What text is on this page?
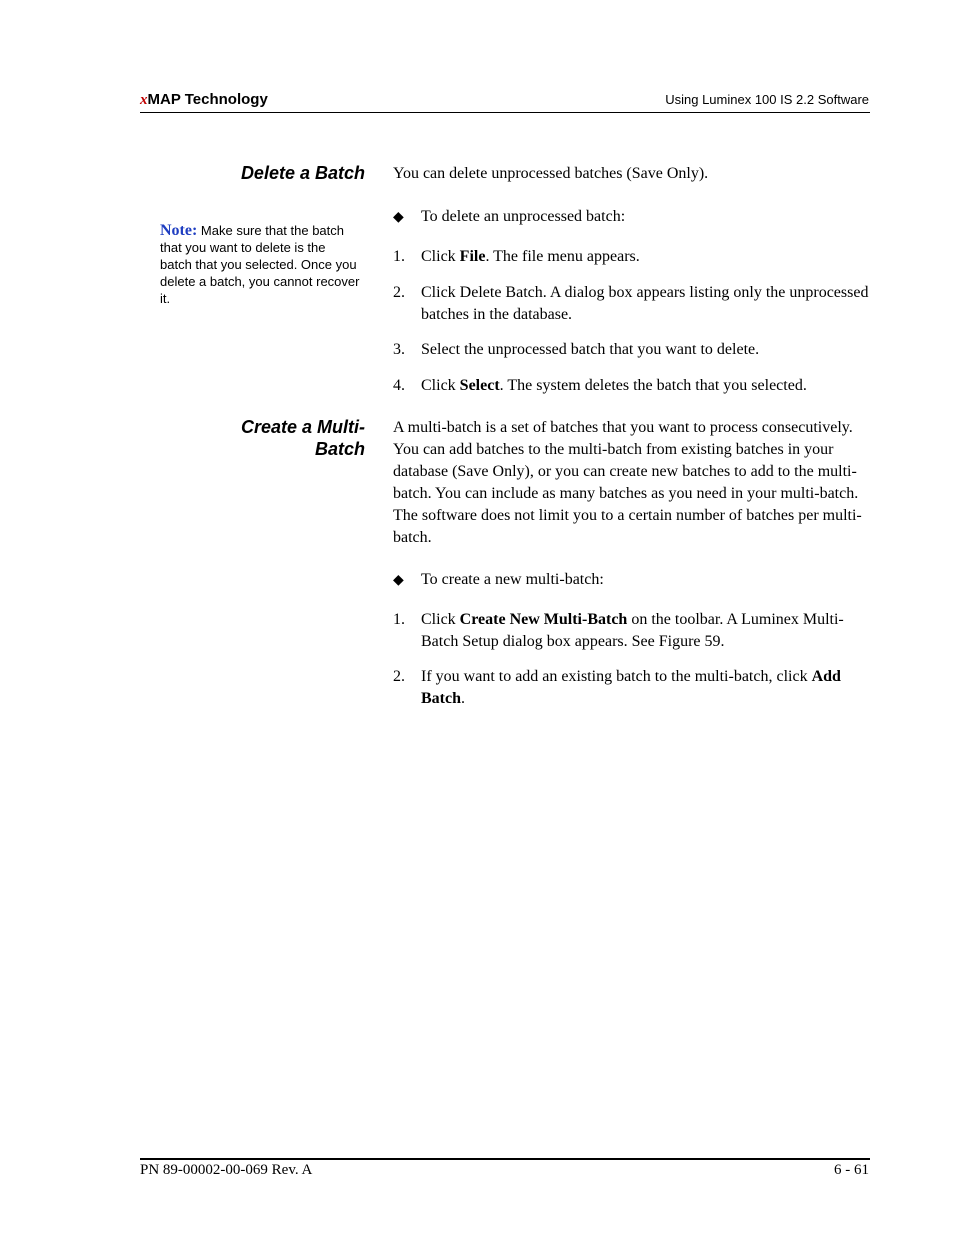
xMAP Technology	Using Luminex 100 IS 2.2 Software
Delete a Batch You can delete unprocessed batches (Save Only).
Note: Make sure that the batch that you want to delete is the batch that you selected. Once you delete a batch, you cannot recover it.
◆ To delete an unprocessed batch:
1. Click File. The file menu appears.
2. Click Delete Batch. A dialog box appears listing only the unprocessed batches in the database.
3. Select the unprocessed batch that you want to delete.
4. Click Select. The system deletes the batch that you selected.
Create a Multi-
Batch
A multi-batch is a set of batches that you want to process consecutively. You can add batches to the multi-batch from existing batches in your database (Save Only), or you can create new batches to add to the multi-batch. You can include as many batches as you need in your multi-batch. The software does not limit you to a certain number of batches per multi-batch.
◆ To create a new multi-batch:
1. Click Create New Multi-Batch on the toolbar. A Luminex Multi-Batch Setup dialog box appears. See Figure 59.
2. If you want to add an existing batch to the multi-batch, click Add Batch.
PN 89-00002-00-069 Rev. A	6 - 61
